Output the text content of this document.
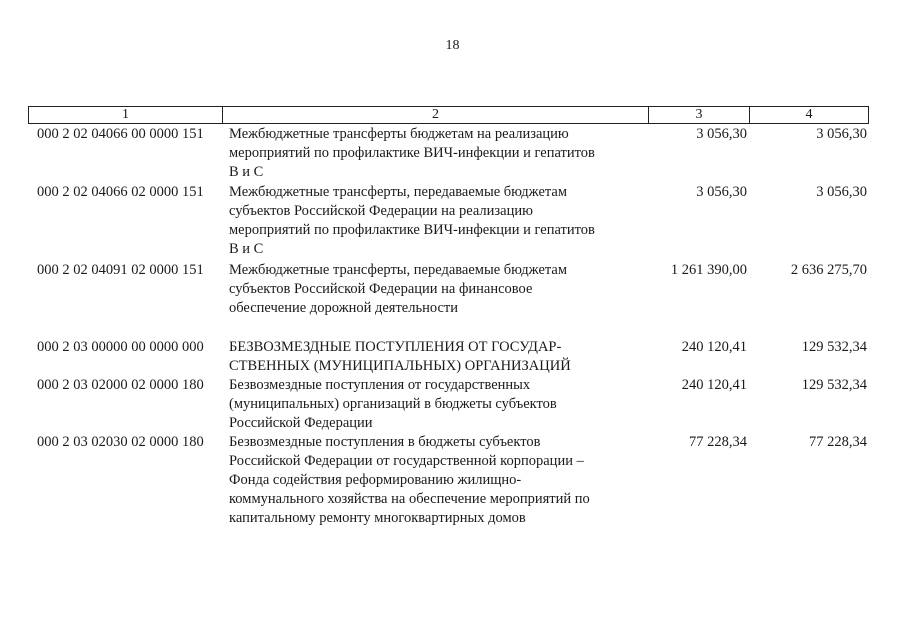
18
1	2	3	4
000 2 02 04066 00 0000 151	Межбюджетные трансферты бюджетам на реализацию
мероприятий по профилактике ВИЧ-инфекции и гепатитов
В и С
3 056,30	3 056,30
000 2 02 04066 02 0000 151	Межбюджетные трансферты, передаваемые бюджетам
субъектов Российской Федерации на реализацию
мероприятий по профилактике ВИЧ-инфекции и гепатитов
В и С
3 056,30	3 056,30
000 2 02 04091 02 0000 151	Межбюджетные трансферты, передаваемые бюджетам
субъектов Российской Федерации на финансовое
обеспечение дорожной деятельности
1 261 390,00	2 636 275,70
000 2 03 00000 00 0000 000	БЕЗВОЗМЕЗДНЫЕ ПОСТУПЛЕНИЯ ОТ ГОСУДАР-
СТВЕННЫХ (МУНИЦИПАЛЬНЫХ) ОРГАНИЗАЦИЙ
240 120,41	129 532,34
000 2 03 02000 02 0000 180	Безвозмездные поступления от государственных
(муниципальных) организаций в бюджеты субъектов
Российской Федерации
240 120,41	129 532,34
000 2 03 02030 02 0000 180	Безвозмездные поступления в бюджеты субъектов
Российской Федерации от государственной корпорации –
Фонда содействия реформированию жилищно-
коммунального хозяйства на обеспечение мероприятий по
капитальному ремонту многоквартирных домов
77 228,34	77 228,34
